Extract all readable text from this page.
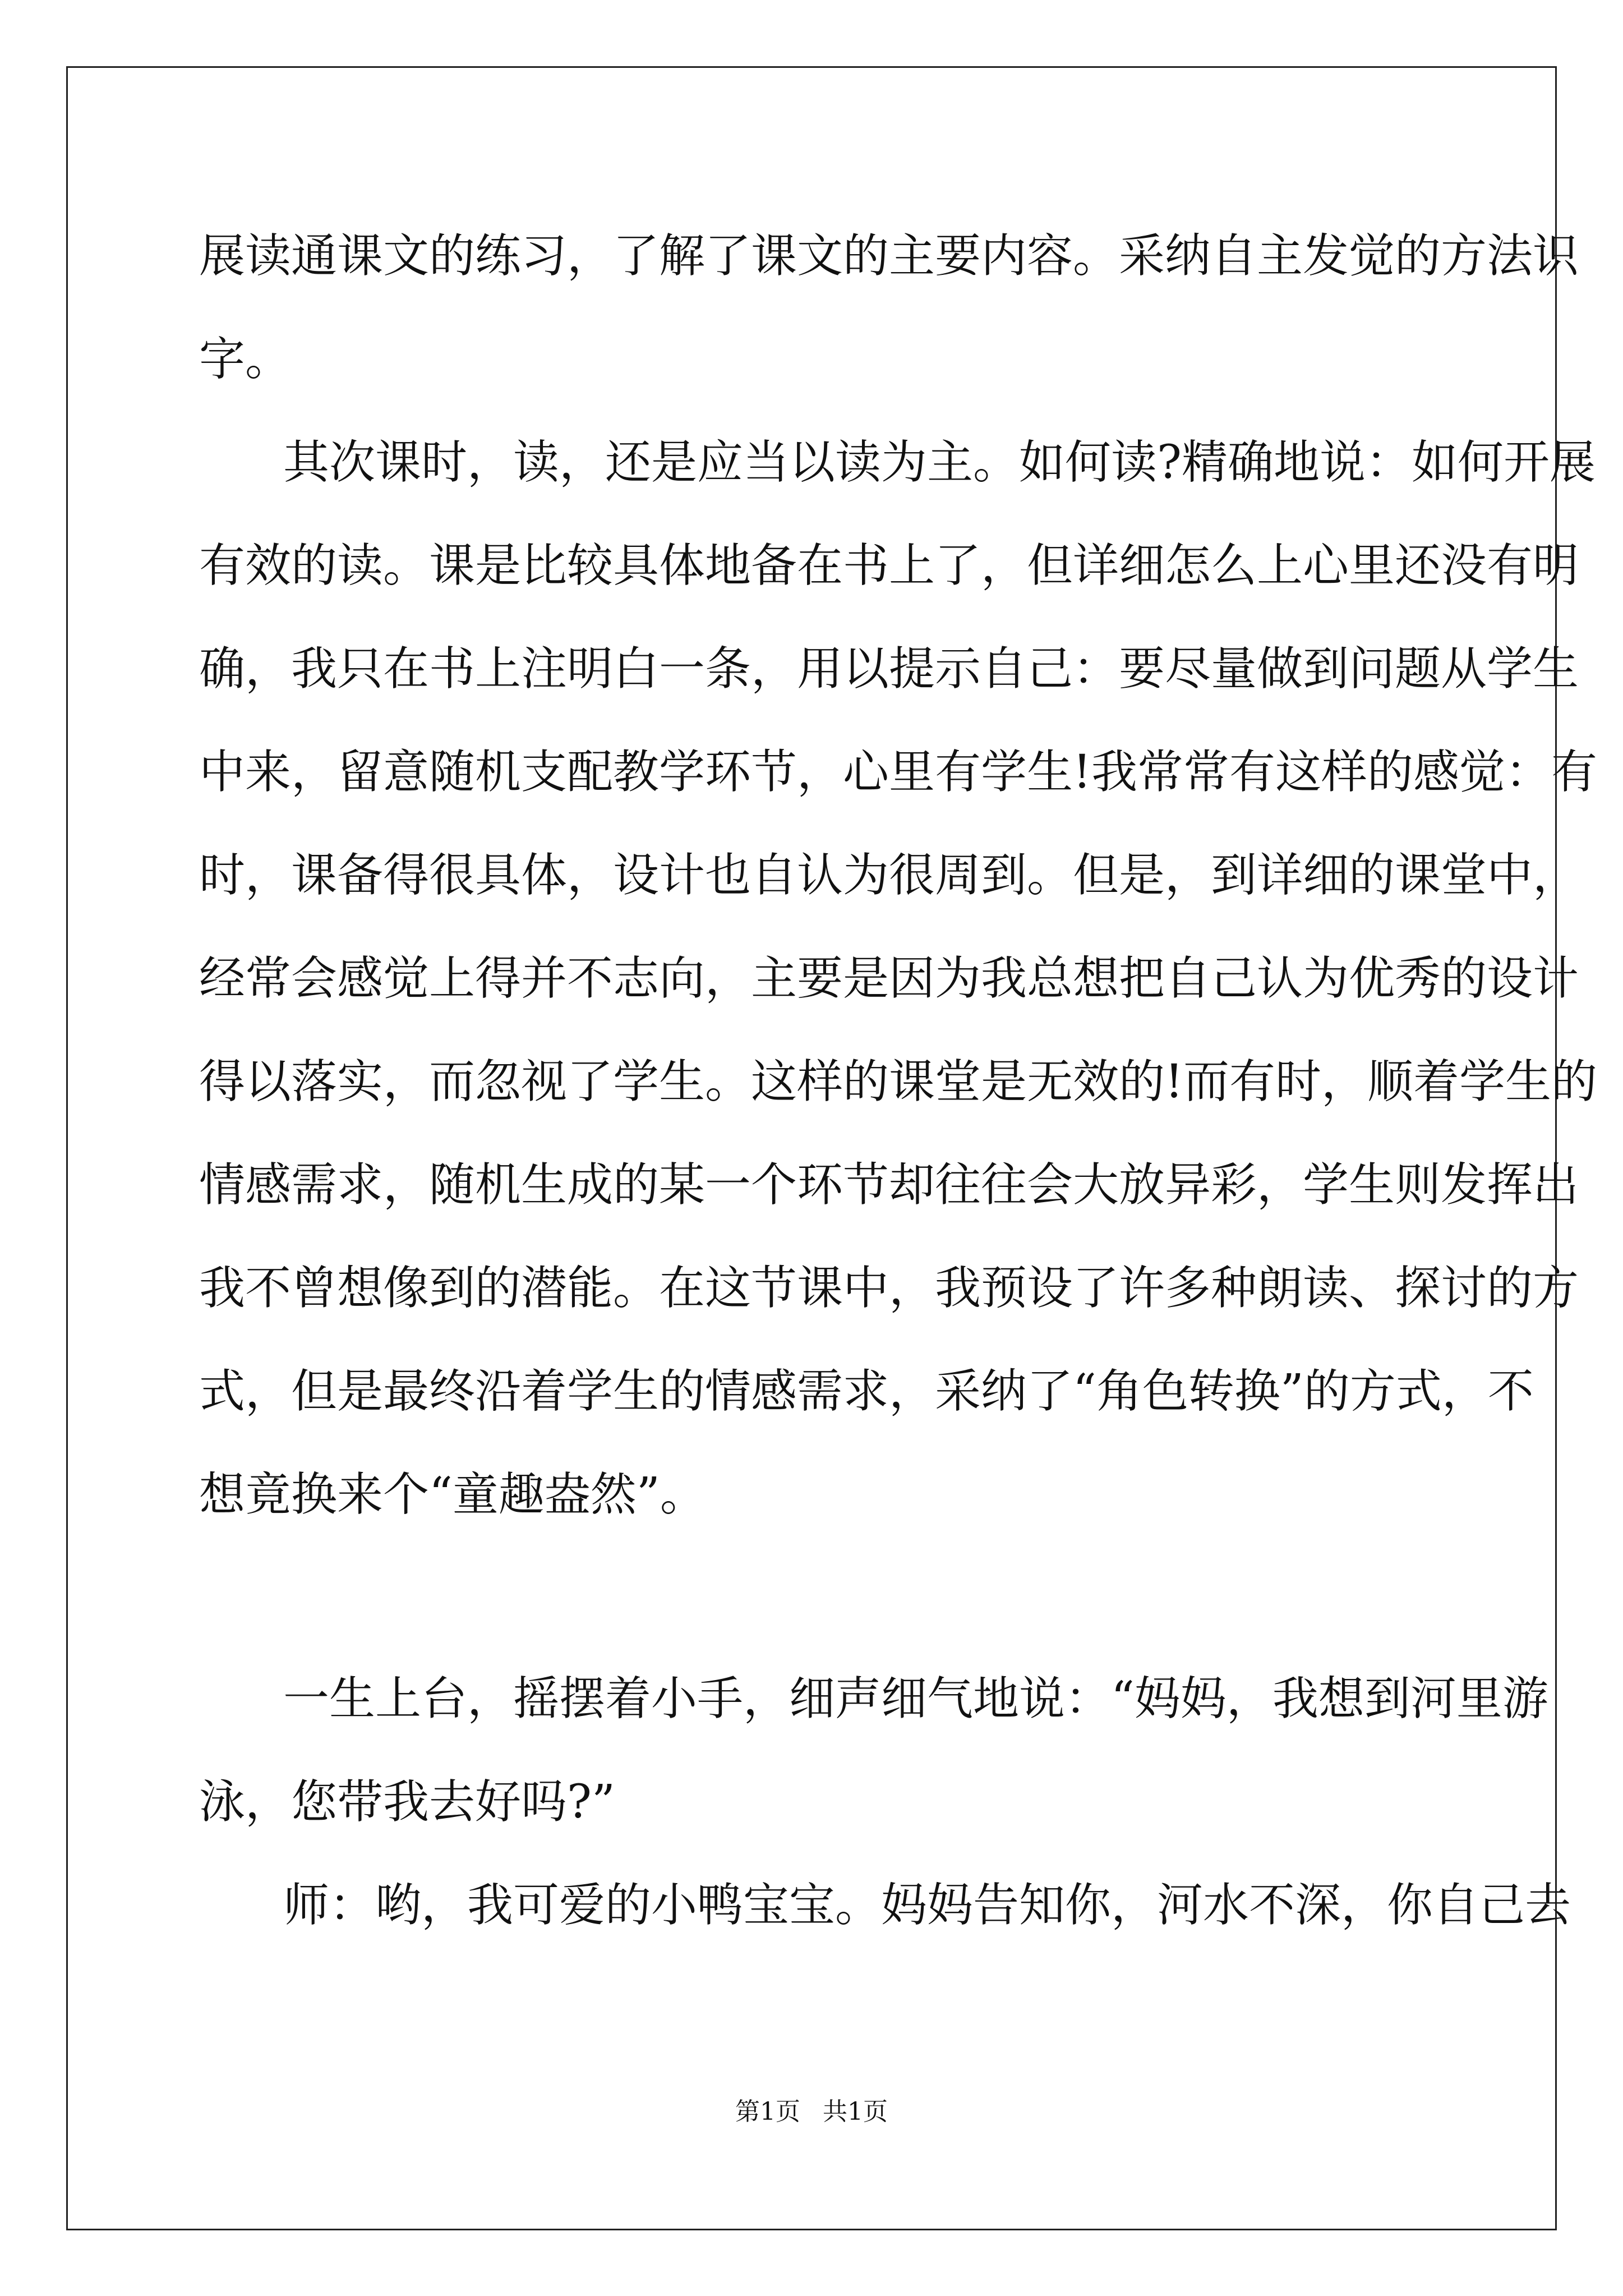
展读通课文的练习，了解了课文的主要内容。采纳自主发觉的方法识
字。
其次课时，读，还是应当以读为主。如何读?精确地说：如何开展
有效的读。课是比较具体地备在书上了，但详细怎么上心里还没有明
确，我只在书上注明白一条，用以提示自己：要尽量做到问题从学生
中来，留意随机支配教学环节，心里有学生!我常常有这样的感觉：有
时，课备得很具体，设计也自认为很周到。但是，到详细的课堂中，
经常会感觉上得并不志向，主要是因为我总想把自己认为优秀的设计
得以落实，而忽视了学生。这样的课堂是无效的!而有时，顺着学生的
情感需求，随机生成的某一个环节却往往会大放异彩，学生则发挥出
我不曾想像到的潜能。在这节课中，我预设了许多种朗读、探讨的方
式，但是最终沿着学生的情感需求，采纳了“角色转换”的方式，不
想竟换来个“童趣盎然”。
一生上台，摇摆着小手，细声细气地说：“妈妈，我想到河里游
泳，您带我去好吗?”
师：哟，我可爱的小鸭宝宝。妈妈告知你，河水不深，你自己去
第1页 共1页
